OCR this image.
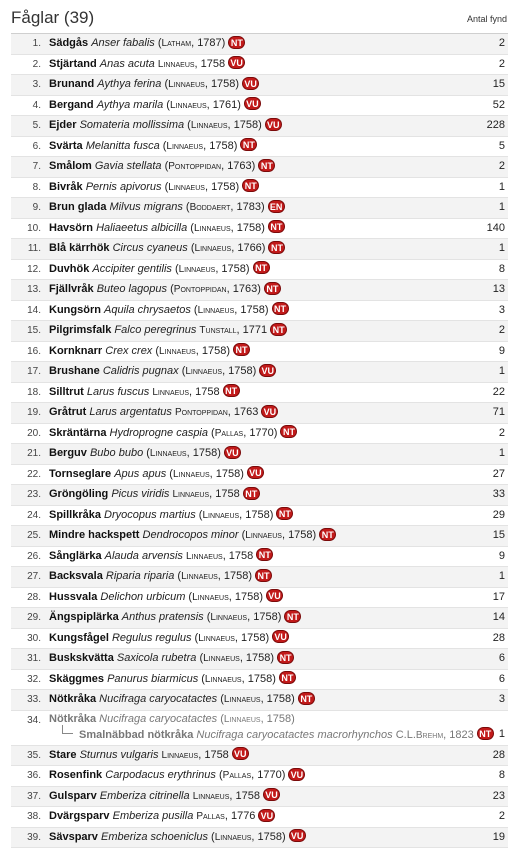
Fåglar (39)	Antal fynd
1. Sädgås Anser fabalis (Latham, 1787) NT	2
2. Stjärtand Anas acuta Linnaeus, 1758 VU	2
3. Brunand Aythya ferina (Linnaeus, 1758) VU	15
4. Bergand Aythya marila (Linnaeus, 1761) VU	52
5. Ejder Somateria mollissima (Linnaeus, 1758) VU	228
6. Svärta Melanitta fusca (Linnaeus, 1758) NT	5
7. Smålom Gavia stellata (Pontoppidan, 1763) NT	2
8. Bivråk Pernis apivorus (Linnaeus, 1758) NT	1
9. Brun glada Milvus migrans (Boddaert, 1783) EN	1
10. Havsörn Haliaeetus albicilla (Linnaeus, 1758) NT	140
11. Blå kärrhök Circus cyaneus (Linnaeus, 1766) NT	1
12. Duvhök Accipiter gentilis (Linnaeus, 1758) NT	8
13. Fjällvråk Buteo lagopus (Pontoppidan, 1763) NT	13
14. Kungsörn Aquila chrysaetos (Linnaeus, 1758) NT	3
15. Pilgrimsfalk Falco peregrinus Tunstall, 1771 NT	2
16. Kornknarr Crex crex (Linnaeus, 1758) NT	9
17. Brushane Calidris pugnax (Linnaeus, 1758) VU	1
18. Silltrut Larus fuscus Linnaeus, 1758 NT	22
19. Gråtrut Larus argentatus Pontoppidan, 1763 VU	71
20. Skräntärna Hydroprogne caspia (Pallas, 1770) NT	2
21. Berguv Bubo bubo (Linnaeus, 1758) VU	1
22. Tornseglare Apus apus (Linnaeus, 1758) VU	27
23. Gröngöling Picus viridis Linnaeus, 1758 NT	33
24. Spillkråka Dryocopus martius (Linnaeus, 1758) NT	29
25. Mindre hackspett Dendrocopos minor (Linnaeus, 1758) NT	15
26. Sånglärka Alauda arvensis Linnaeus, 1758 NT	9
27. Backsvala Riparia riparia (Linnaeus, 1758) NT	1
28. Hussvala Delichon urbicum (Linnaeus, 1758) VU	17
29. Ängspiplärka Anthus pratensis (Linnaeus, 1758) NT	14
30. Kungsfågel Regulus regulus (Linnaeus, 1758) VU	28
31. Buskskvätta Saxicola rubetra (Linnaeus, 1758) NT	6
32. Skäggmes Panurus biarmicus (Linnaeus, 1758) NT	6
33. Nötkråka Nucifraga caryocatactes (Linnaeus, 1758) NT	3
34. Nötkråka Nucifraga caryocatactes (Linnaeus, 1758)
Smalnäbbad nötkråka Nucifraga caryocatactes macrorhynchos C.L.Brehm, 1823 NT 1
35. Stare Sturnus vulgaris Linnaeus, 1758 VU	28
36. Rosenfink Carpodacus erythrinus (Pallas, 1770) VU	8
37. Gulsparv Emberiza citrinella Linnaeus, 1758 VU	23
38. Dvärgsparv Emberiza pusilla Pallas, 1776 VU	2
39. Sävsparv Emberiza schoeniclus (Linnaeus, 1758) VU	19
